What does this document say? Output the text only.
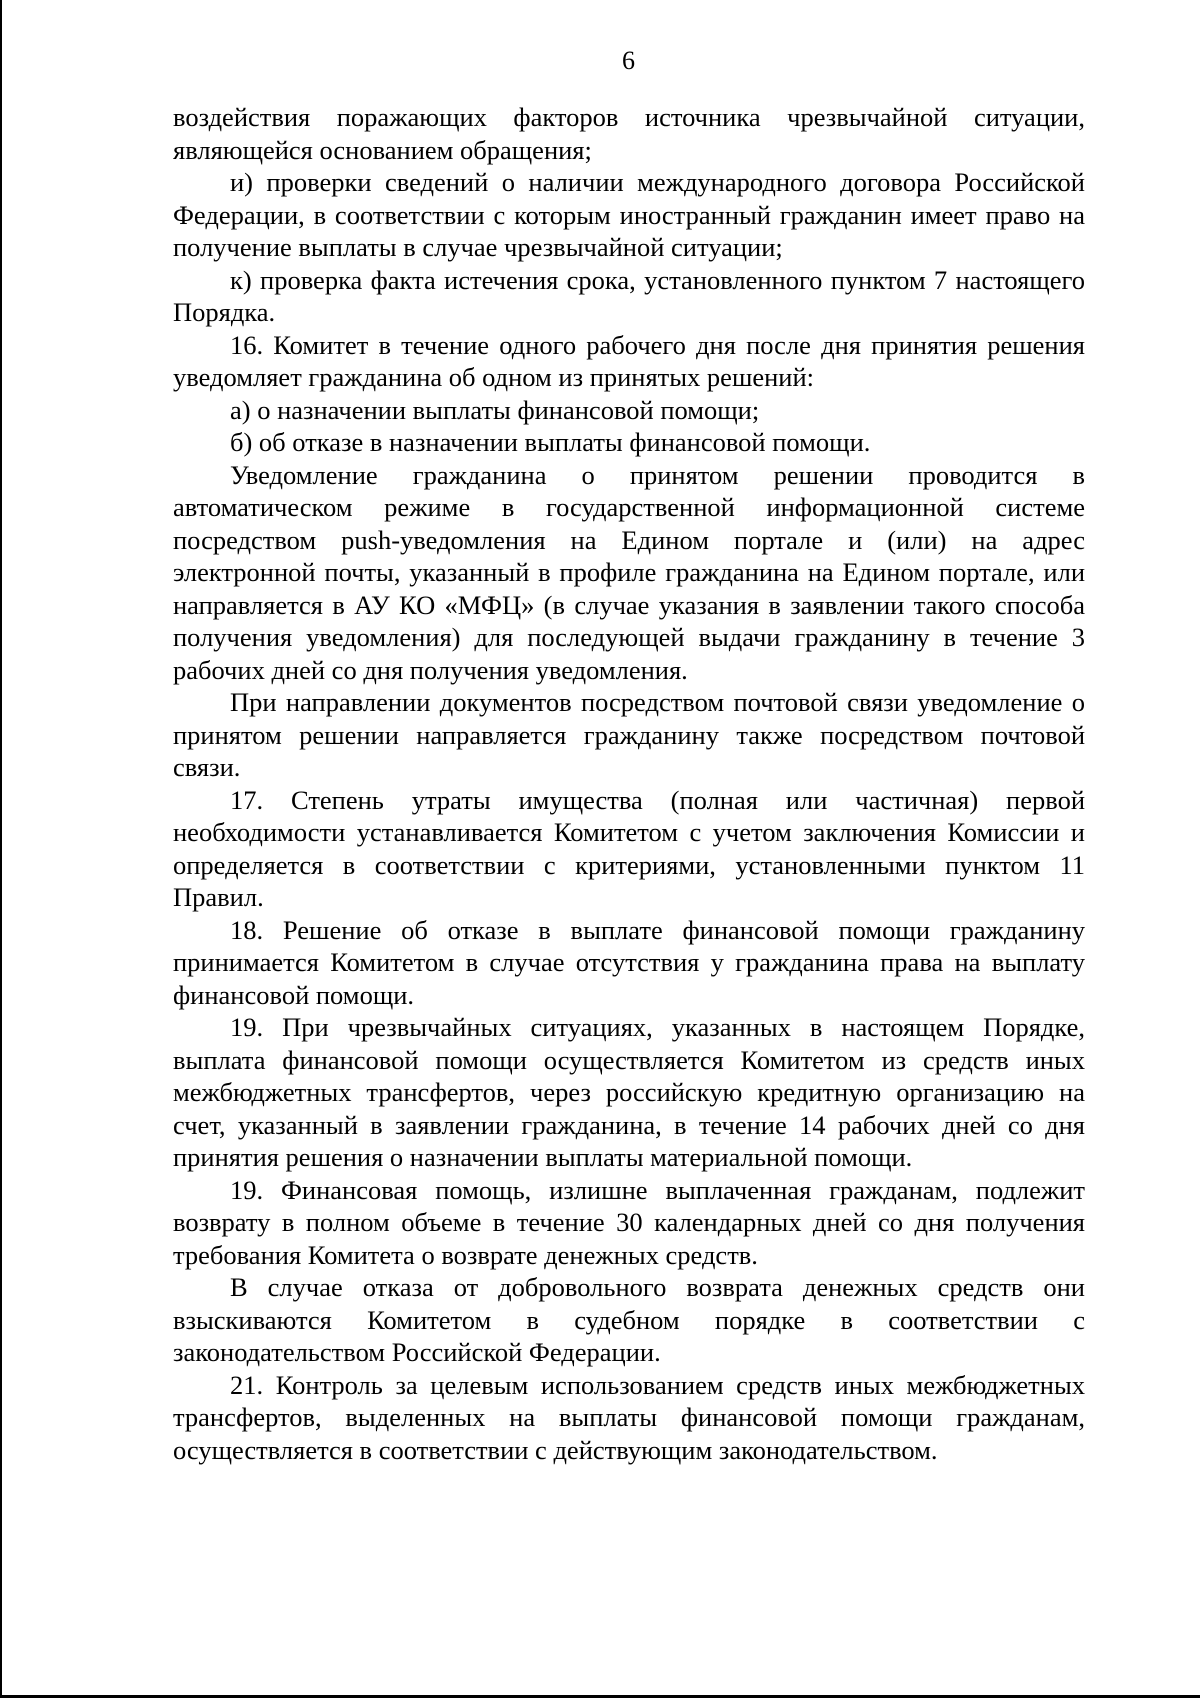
6

воздействия поражающих факторов источника чрезвычайной ситуации, являющейся основанием обращения;

и) проверки сведений о наличии международного договора Российской Федерации, в соответствии с которым иностранный гражданин имеет право на получение выплаты в случае чрезвычайной ситуации;

к) проверка факта истечения срока, установленного пунктом 7 настоящего Порядка.

16. Комитет в течение одного рабочего дня после дня принятия решения уведомляет гражданина об одном из принятых решений:

а) о назначении выплаты финансовой помощи;

б) об отказе в назначении выплаты финансовой помощи.

Уведомление гражданина о принятом решении проводится в автоматическом режиме в государственной информационной системе посредством push-уведомления на Едином портале и (или) на адрес электронной почты, указанный в профиле гражданина на Едином портале, или направляется в АУ КО «МФЦ» (в случае указания в заявлении такого способа получения уведомления) для последующей выдачи гражданину в течение 3 рабочих дней со дня получения уведомления.

При направлении документов посредством почтовой связи уведомление о принятом решении направляется гражданину также посредством почтовой связи.

17. Степень утраты имущества (полная или частичная) первой необходимости устанавливается Комитетом с учетом заключения Комиссии и определяется в соответствии с критериями, установленными пунктом 11 Правил.

18. Решение об отказе в выплате финансовой помощи гражданину принимается Комитетом в случае отсутствия у гражданина права на выплату финансовой помощи.

19. При чрезвычайных ситуациях, указанных в настоящем Порядке, выплата финансовой помощи осуществляется Комитетом из средств иных межбюджетных трансфертов, через российскую кредитную организацию на счет, указанный в заявлении гражданина, в течение 14 рабочих дней со дня принятия решения о назначении выплаты материальной помощи.

19. Финансовая помощь, излишне выплаченная гражданам, подлежит возврату в полном объеме в течение 30 календарных дней со дня получения требования Комитета о возврате денежных средств.

В случае отказа от добровольного возврата денежных средств они взыскиваются Комитетом в судебном порядке в соответствии с законодательством Российской Федерации.

21. Контроль за целевым использованием средств иных межбюджетных трансфертов, выделенных на выплаты финансовой помощи гражданам, осуществляется в соответствии с действующим законодательством.
